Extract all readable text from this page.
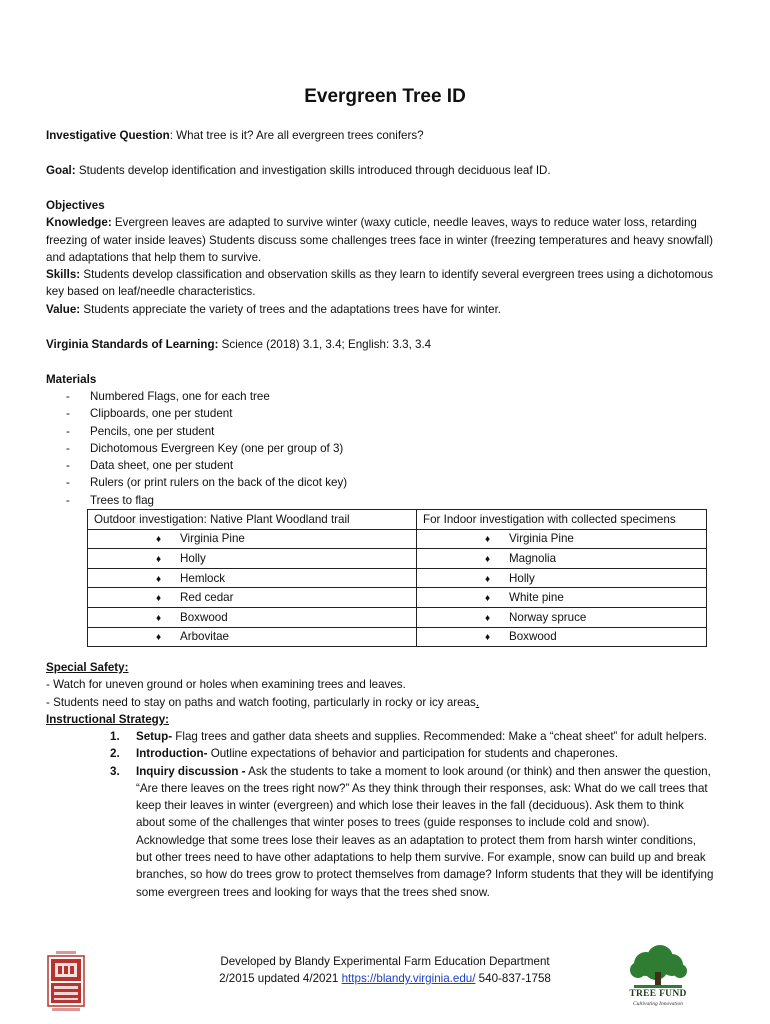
Evergreen Tree ID
Investigative Question: What tree is it? Are all evergreen trees conifers?
Goal: Students develop identification and investigation skills introduced through deciduous leaf ID.
Objectives
Knowledge: Evergreen leaves are adapted to survive winter (waxy cuticle, needle leaves, ways to reduce water loss, retarding freezing of water inside leaves) Students discuss some challenges trees face in winter (freezing temperatures and heavy snowfall) and adaptations that help them to survive.
Skills: Students develop classification and observation skills as they learn to identify several evergreen trees using a dichotomous key based on leaf/needle characteristics.
Value: Students appreciate the variety of trees and the adaptations trees have for winter.
Virginia Standards of Learning: Science (2018) 3.1, 3.4; English: 3.3, 3.4
Materials
- Numbered Flags, one for each tree
- Clipboards, one per student
- Pencils, one per student
- Dichotomous Evergreen Key (one per group of 3)
- Data sheet, one per student
- Rulers (or print rulers on the back of the dicot key)
- Trees to flag
Outdoor investigation: Native Plant Woodland trail	For Indoor investigation with collected specimens
♦ Virginia Pine	♦ Virginia Pine
♦ Holly	♦ Magnolia
♦ Hemlock	♦ Holly
♦ Red cedar	♦ White pine
♦ Boxwood	♦ Norway spruce
♦ Arbovitae	♦ Boxwood
Special Safety:
- Watch for uneven ground or holes when examining trees and leaves.
- Students need to stay on paths and watch footing, particularly in rocky or icy areas.
Instructional Strategy:
1. Setup- Flag trees and gather data sheets and supplies. Recommended: Make a “cheat sheet” for adult helpers.
2. Introduction- Outline expectations of behavior and participation for students and chaperones.
3. Inquiry discussion - Ask the students to take a moment to look around (or think) and then answer the question, “Are there leaves on the trees right now?” As they think through their responses, ask: What do we call trees that keep their leaves in winter (evergreen) and which lose their leaves in the fall (deciduous). Ask them to think about some of the challenges that winter poses to trees (guide responses to include cold and snow). Acknowledge that some trees lose their leaves as an adaptation to protect them from harsh winter conditions, but other trees need to have other adaptations to help them survive. For example, snow can build up and break branches, so how do trees grow to protect themselves from damage? Inform students that they will be identifying some evergreen trees and looking for ways that the trees shed snow.
Developed by Blandy Experimental Farm Education Department
2/2015 updated 4/2021 https://blandy.virginia.edu/ 540-837-1758
TREE FUND
Cultivating Innovation
